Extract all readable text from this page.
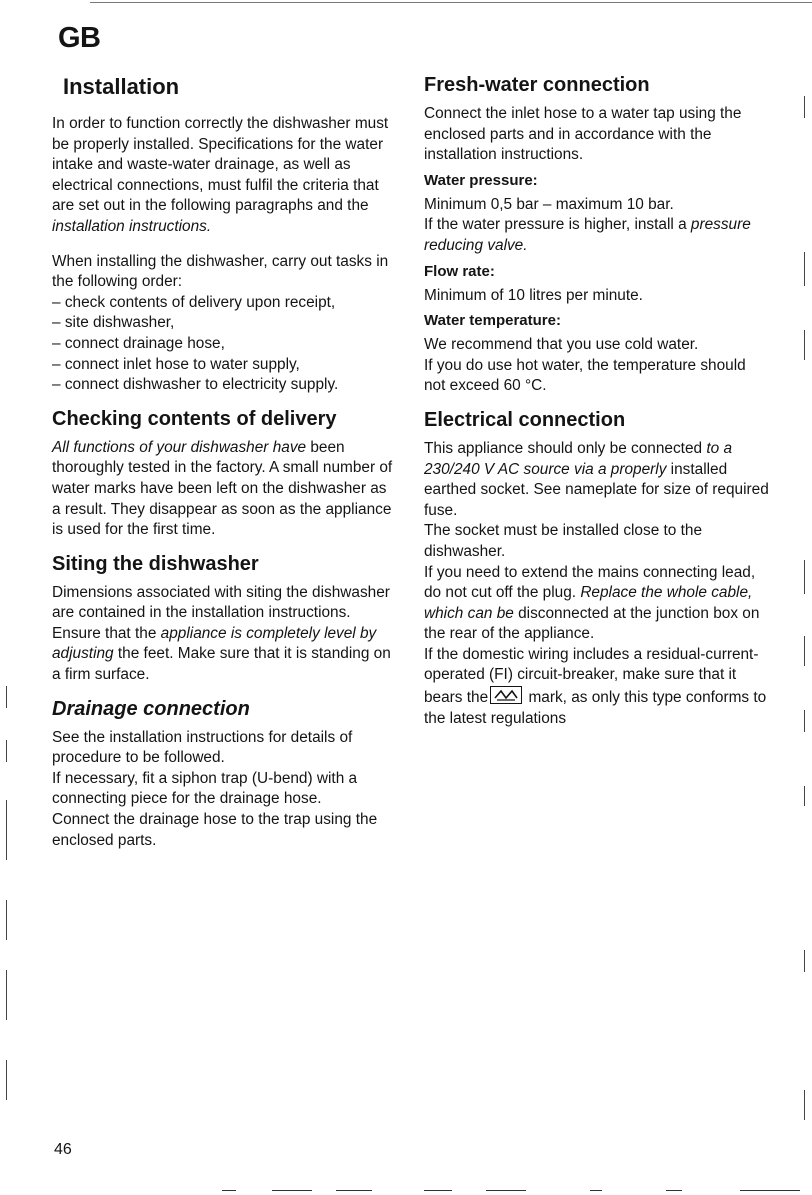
GB
Installation

In order to function correctly the dishwasher must be properly installed. Specifications for the water intake and waste-water drainage, as well as electrical connections, must fulfil the criteria that are set out in the following paragraphs and the installation instructions.

When installing the dishwasher, carry out tasks in the following order:

– check contents of delivery upon receipt,

– site dishwasher,

– connect drainage hose,

– connect inlet hose to water supply,

– connect dishwasher to electricity supply.

Checking contents of delivery

All functions of your dishwasher have been thoroughly tested in the factory. A small number of water marks have been left on the dishwasher as a result. They disappear as soon as the appliance is used for the first time.

Siting the dishwasher

Dimensions associated with siting the dishwasher are contained in the installation instructions. Ensure that the appliance is completely level by adjusting the feet. Make sure that it is standing on a firm surface.

Drainage connection

See the installation instructions for details of procedure to be followed.

If necessary, fit a siphon trap (U-bend) with a connecting piece for the drainage hose.

Connect the drainage hose to the trap using the enclosed parts.

Fresh-water connection

Connect the inlet hose to a water tap using the enclosed parts and in accordance with the installation instructions.

Water pressure:

Minimum 0,5 bar – maximum 10 bar.

If the water pressure is higher, install a pressure reducing valve.

Flow rate:

Minimum of 10 litres per minute.

Water temperature:

We recommend that you use cold water.

If you do use hot water, the temperature should not exceed 60 °C.

Electrical connection

This appliance should only be connected to a 230/240 V AC source via a properly installed earthed socket. See nameplate for size of required fuse.

The socket must be installed close to the dishwasher.

If you need to extend the mains connecting lead, do not cut off the plug. Replace the whole cable, which can be disconnected at the junction box on the rear of the appliance.

If the domestic wiring includes a residual-current-operated (FI) circuit-breaker, make sure that it bears the
mark, as only this type conforms to the latest regulations

46
